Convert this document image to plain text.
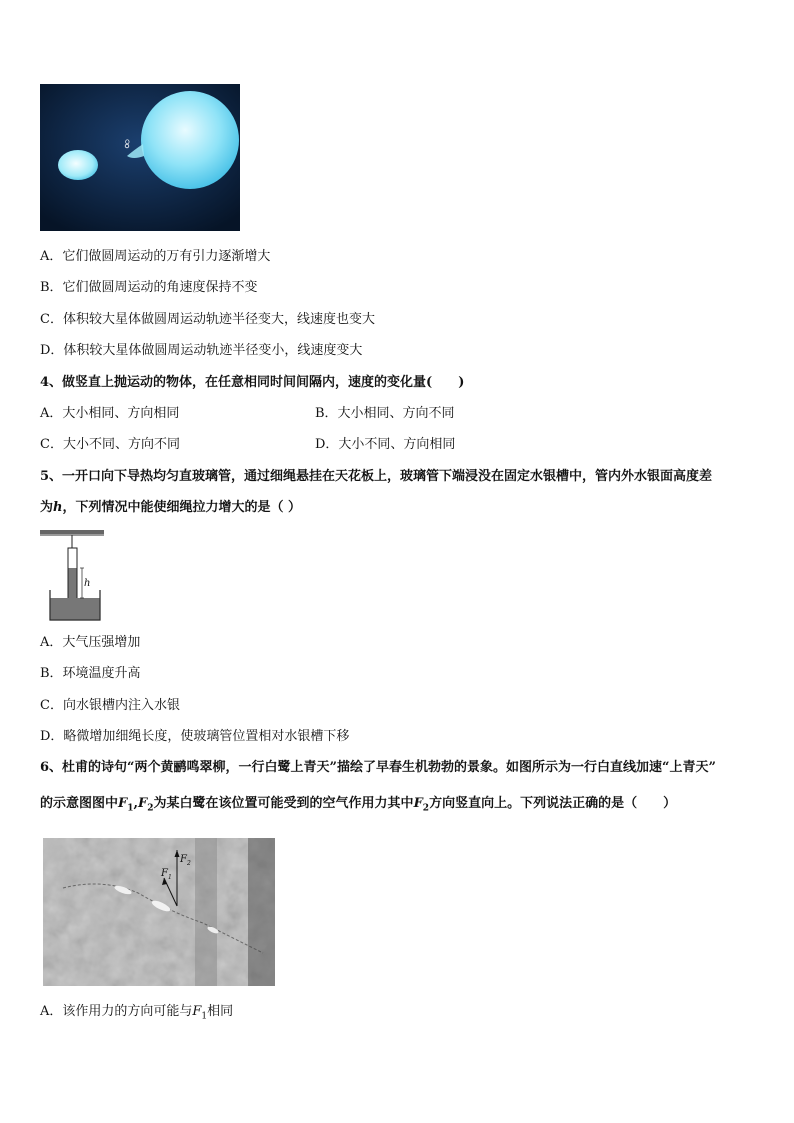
O
A．它们做圆周运动的万有引力逐渐增大
B．它们做圆周运动的角速度保持不变
C．体积较大星体做圆周运动轨迹半径变大，线速度也变大
D．体积较大星体做圆周运动轨迹半径变小，线速度变大
4、做竖直上抛运动的物体，在任意相同时间间隔内，速度的变化量(　　)
A．大小相同、方向相同	B．大小相同、方向不同
C．大小不同、方向不同	D．大小不同、方向相同
5、一开口向下导热均匀直玻璃管，通过细绳悬挂在天花板上，玻璃管下端浸没在固定水银槽中，管内外水银面高度差
为h，下列情况中能使细绳拉力增大的是（ ）
h
A．大气压强增加
B．环境温度升高
C．向水银槽内注入水银
D．略微增加细绳长度，使玻璃管位置相对水银槽下移
6、杜甫的诗句“两个黄鹂鸣翠柳，一行白鹭上青天”描绘了早春生机勃勃的景象。如图所示为一行白直线加速“上青天”
的示意图图中$F_1,F_2$为某白鹭在该位置可能受到的空气作用力其中$F_2$方向竖直向上。下列说法正确的是（　　）
$F_1$
$F_2$
A．该作用力的方向可能与$F_1$相同
